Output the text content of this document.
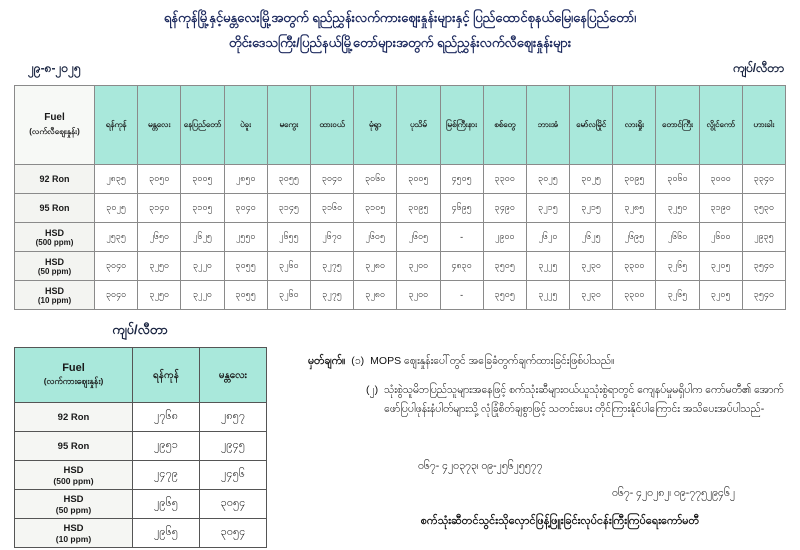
ရန်ကုန်မြို့နှင့်မန္တလေးမြို့အတွက် ရည်ညွှန်းလက်ကားဈေးနှုန်းများနှင့် ပြည်ထောင်စုနယ်မြေ၊နေပြည်တော်၊
တိုင်းဒေသကြီး/ပြည်နယ်မြို့တော်များအတွက် ရည်ညွှန်းလက်လီဈေးနှုန်းများ
၂၉-၈-၂၀၂၅	ကျပ်/လီတာ
Fuel
(လက်လီဈေးနှုန်း)	ရန်ကုန်	မန္တလေး	နေပြည်တော်	ပဲခူး	မကွေး	ထားဝယ်	မုံရွာ	ပုသိမ်	မြစ်ကြီးနား	စစ်တွေ	ဘားအံ	မော်လမြိုင်	လားရှိုး	တောင်ကြီး	လွိုင်ကော်	ဟားခါး
92 Ron	၂၈၃၅	၃၀၅၀	၃၀၀၅	၂၈၅၀	၃၀၅၅	၃၀၄၀	၃၀၆၀	၃၀၀၅	၄၅၀၅	၃၃၀၀	၃၀၂၅	၃၀၂၅	၃၀၉၅	၃၀၆၀	၃၀၀၀	၃၃၄၀
95 Ron	၃၀၂၅	၃၁၄၀	၃၁၀၅	၃၀၄၀	၃၁၄၅	၃၁၆၀	၃၁၀၅	၃၀၉၅	၄၆၉၅	၃၄၉၀	၃၂၁၅	၃၂၁၅	၃၂၈၅	၃၂၅၀	၃၁၉၀	၃၅၃၀
HSD
(500 ppm)	၂၅၃၅	၂၆၅၀	၂၆၂၅	၂၅၅၀	၂၆၅၅	၂၆၇၀	၂၆၀၅	၂၆၀၅	-	၂၉၀၀	၂၆၂၀	၂၆၂၅	၂၆၉၅	၂၆၆၀	၂၆၀၀	၂၉၃၅
HSD
(50 ppm)	၃၀၄၀	၃၂၅၀	၃၂၂၀	၃၀၅၅	၃၂၆၀	၃၂၇၅	၃၂၈၀	၃၂၀၀	၄၈၃၀	၃၅၀၅	၃၂၂၅	၃၂၃၀	၃၃၀၀	၃၂၆၅	၃၂၀၅	၃၅၄၀
HSD
(10 ppm)	၃၀၄၀	၃၂၅၀	၃၂၂၀	၃၀၅၅	၃၂၆၀	၃၂၇၅	၃၂၈၀	၃၂၀၀	-	၃၅၀၅	၃၂၂၅	၃၂၃၀	၃၃၀၀	၃၂၆၅	၃၂၀၅	၃၅၄၀
ကျပ်/လီတာ
Fuel
(လက်ကားဈေးနှုန်း)	ရန်ကုန်	မန္တလေး
92 Ron	၂၇၆၈	၂၈၅၇
95 Ron	၂၉၅၁	၂၉၄၅
HSD
(500 ppm)	၂၄၇၉	၂၄၅၆
HSD
(50 ppm)	၂၉၆၅	၃၀၅၄
HSD
(10 ppm)	၂၉၆၅	၃၀၅၄
မှတ်ချက်။ (၁) MOPS ဈေးနှုန်းပေါ်တွင် အခြေခံတွက်ချက်ထားခြင်းဖြစ်ပါသည်။
(၂) သုံးစွဲသူမိဘပြည်သူများအနေဖြင့် စက်သုံးဆီများဝယ်ယူသုံးစွဲရာတွင် ကျေနပ်မှုမရှိပါက ကော်မတီ၏ အောက်ဖော်ပြပါဖုန်းနံပါတ်များသို့ လုံခြုံစိတ်ချစွာဖြင့် သတင်းပေး တိုင်ကြားနိုင်ပါကြောင်း အသိပေးအပ်ပါသည်-
ဝ၆၇- ၄၂ဝ၃၇၃၊ ဝ၉-၂၅၆၂၅၅၇၇
ဝ၆၇- ၄၂ဝ၂၈၂၊ ဝ၉-၇၇၅၂၉၄၆၂
စက်သုံးဆီတင်သွင်းသိုလှောင်ဖြန့်ဖြူးခြင်းလုပ်ငန်းကြီးကြပ်ရေးကော်မတီ
